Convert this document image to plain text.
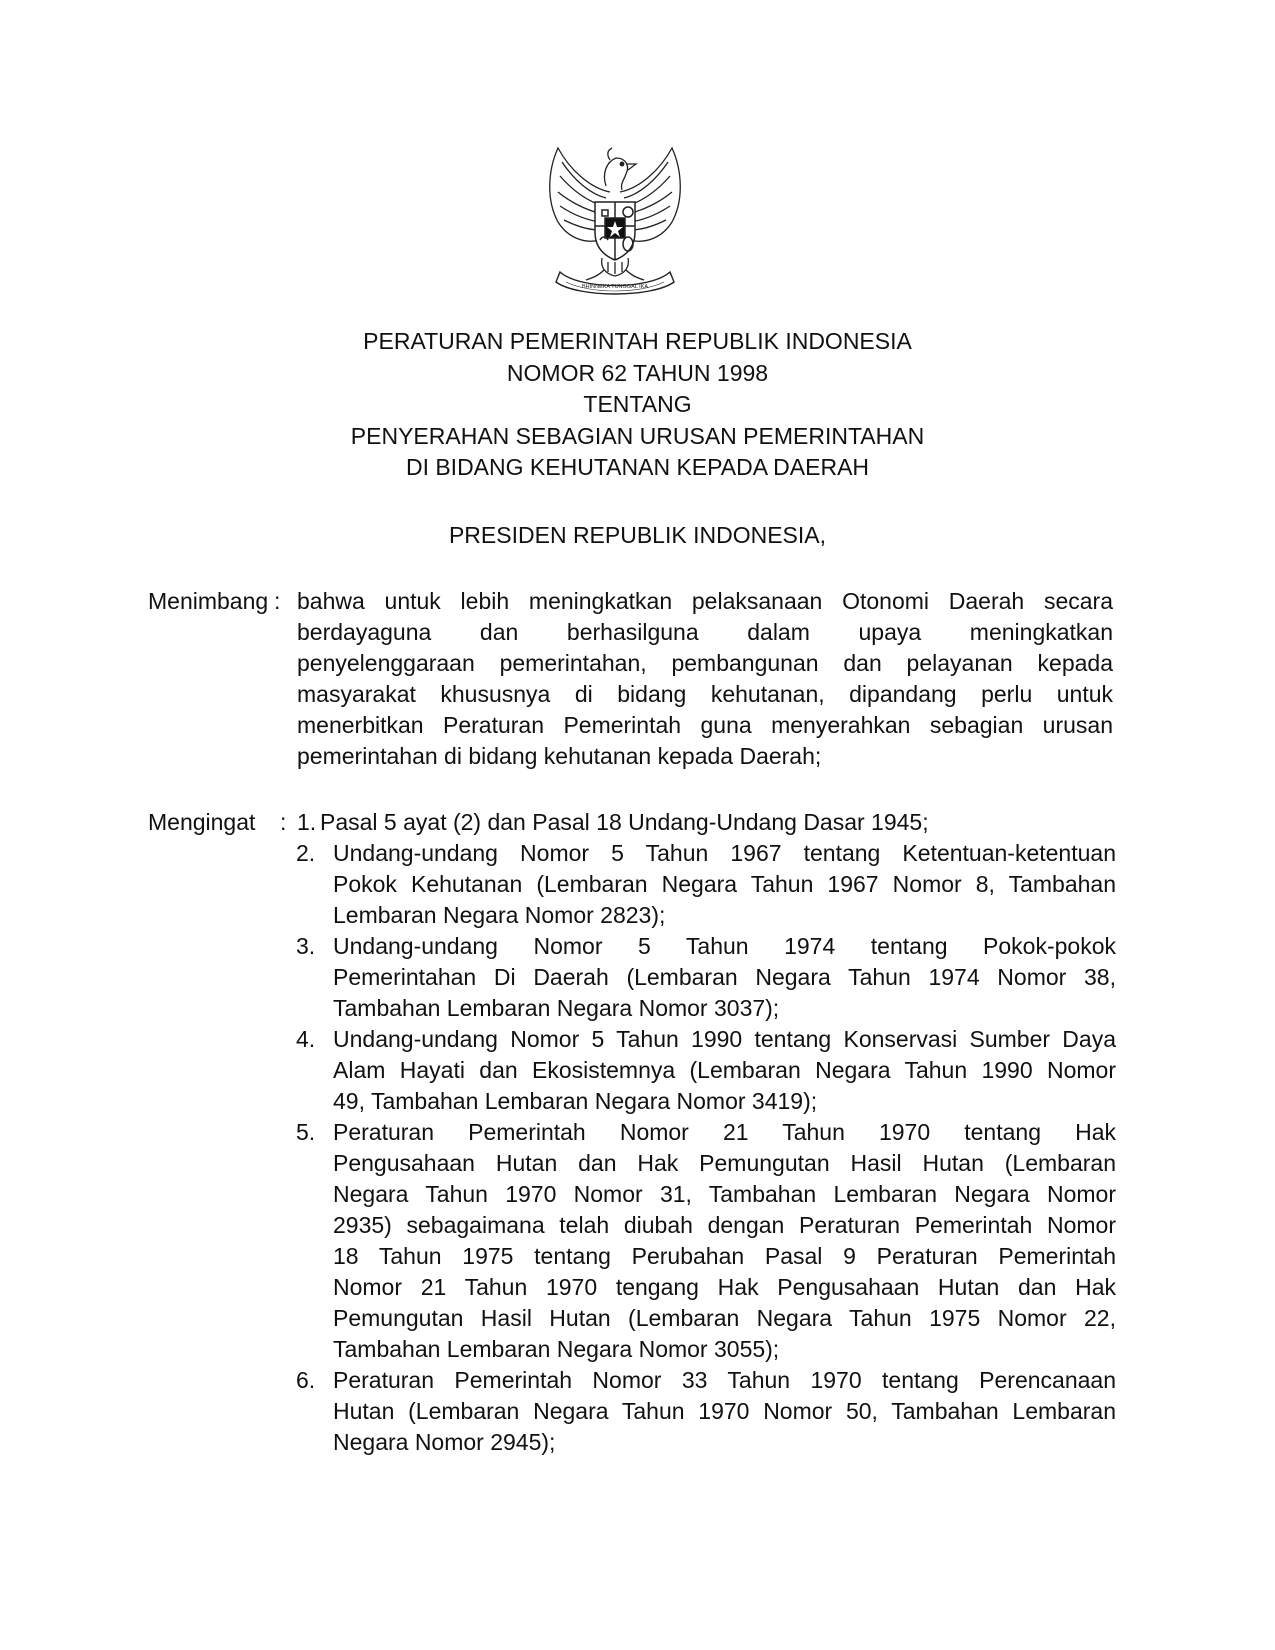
BHINNEKA TUNGGAL IKA
PERATURAN PEMERINTAH REPUBLIK INDONESIA
NOMOR 62 TAHUN 1998
TENTANG
PENYERAHAN SEBAGIAN URUSAN PEMERINTAHAN
DI BIDANG KEHUTANAN KEPADA DAERAH
PRESIDEN REPUBLIK INDONESIA,
Menimbang : bahwa untuk lebih meningkatkan pelaksanaan Otonomi Daerah secara
berdayaguna dan berhasilguna dalam upaya meningkatkan
penyelenggaraan pemerintahan, pembangunan dan pelayanan kepada
masyarakat khususnya di bidang kehutanan, dipandang perlu untuk
menerbitkan Peraturan Pemerintah guna menyerahkan sebagian urusan
pemerintahan di bidang kehutanan kepada Daerah;
Mengingat : 1. Pasal 5 ayat (2) dan Pasal 18 Undang-Undang Dasar 1945;
2. Undang-undang Nomor 5 Tahun 1967 tentang Ketentuan-ketentuan
Pokok Kehutanan (Lembaran Negara Tahun 1967 Nomor 8, Tambahan
Lembaran Negara Nomor 2823);
3. Undang-undang Nomor 5 Tahun 1974 tentang Pokok-pokok
Pemerintahan Di Daerah (Lembaran Negara Tahun 1974 Nomor 38,
Tambahan Lembaran Negara Nomor 3037);
4. Undang-undang Nomor 5 Tahun 1990 tentang Konservasi Sumber Daya
Alam Hayati dan Ekosistemnya (Lembaran Negara Tahun 1990 Nomor
49, Tambahan Lembaran Negara Nomor 3419);
5. Peraturan Pemerintah Nomor 21 Tahun 1970 tentang Hak
Pengusahaan Hutan dan Hak Pemungutan Hasil Hutan (Lembaran
Negara Tahun 1970 Nomor 31, Tambahan Lembaran Negara Nomor
2935) sebagaimana telah diubah dengan Peraturan Pemerintah Nomor
18 Tahun 1975 tentang Perubahan Pasal 9 Peraturan Pemerintah
Nomor 21 Tahun 1970 tengang Hak Pengusahaan Hutan dan Hak
Pemungutan Hasil Hutan (Lembaran Negara Tahun 1975 Nomor 22,
Tambahan Lembaran Negara Nomor 3055);
6. Peraturan Pemerintah Nomor 33 Tahun 1970 tentang Perencanaan
Hutan (Lembaran Negara Tahun 1970 Nomor 50, Tambahan Lembaran
Negara Nomor 2945);
